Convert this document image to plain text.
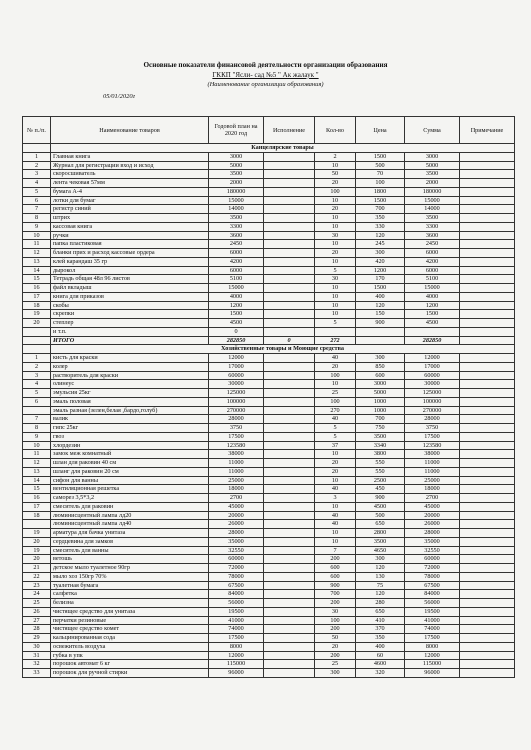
Основные показатели финансовой деятельности организации образования
ГККП "Ясли- сад №5 " Ак жалаук "
(Наименование организации образования)
05/01/2020г
№ п./п.	Наименование товаров	Годовой план на 2020 год	Исполнение	Кол-во	Цена	Сумма	Примечание
	Канцелярские товары						
1	Главная книга	3000		2	1500	3000	
2	Журнал для регистрации вход и исход	5000		10	500	5000	
3	скоросшиватель	3500		50	70	3500	
4	лента чековая 57мм	2000		20	100	2000	
5	бумага А-4	180000		100	1800	180000	
6	лотки для бумаг	15000		10	1500	15000	
7	регистр синий	14000		20	700	14000	
8	штрих	3500		10	350	3500	
9	кассовая книга	3300		10	330	3300	
10	ручки	3600		30	120	3600	
11	папка пластиковая	2450		10	245	2450	
12	бланки прих и расход кассовые ордера	6000		20	300	6000	
13	клей карандаш 35 гр	4200		10	420	4200	
14	дырокол	6000		5	1200	6000	
15	Тетрадь общая 48л 96 листов	5100		30	170	5100	
16	файл вкладыш	15000		10	1500	15000	
17	книга для приказов	4000		10	400	4000	
18	скобы	1200		10	120	1200	
19	скрепки	1500		10	150	1500	
20	степлер	4500		5	900	4500	
	и т.п.	0					
	ИТОГО	282850	0	272		282850	
	Хозяйственные товары и Моющие средства						
1	кисть для краски	12000		40	300	12000	
2	колер	17000		20	850	17000	
3	растворитель для краски	60000		100	600	60000	
4	олинеус	30000		10	3000	30000	
5	эмульсия 25кг	125000		25	5000	125000	
6	эмаль половая	100000		100	1000	100000	
	эмаль разная (зелен,белая ,бардо,голуб)	270000		270	1000	270000	
7	валик	28000		40	700	28000	
8	гипс 25кг	3750		5	750	3750	
9	гвоз	17500		5	3500	17500	
10	хлордезин	123580		37	3340	123580	
11	замок меж комнатный	38000		10	3800	38000	
12	шлан для раковин 40 см	11000		20	550	11000	
13	шланг для раковин 20 см	11000		20	550	11000	
14	сифон для ванны	25000		10	2500	25000	
15	вентиляционная решетка	18000		40	450	18000	
16	саморез 3,5*3,2	2700		3	900	2700	
17	смеситель для раковин	45000		10	4500	45000	
18	люминисцентный лампа лд20	20000		40	500	20000	
	люминисцентный лампа лд40	26000		40	650	26000	
19	арматура для бачка унитаза	28000		10	2800	28000	
20	сердцевина для замков	35000		10	3500	35000	
19	смеситель для ванны	32550		7	4650	32550	
20	ветошь	60000		200	300	60000	
21	детское мыло туалетное 90гр	72000		600	120	72000	
22	мыло хоз 150гр 70%	78000		600	130	78000	
23	туалетная бумага	67500		900	75	67500	
24	салфетка	84000		700	120	84000	
25	белизна	56000		200	280	56000	
26	чистящее средство для унитаза	19500		30	650	19500	
27	перчатки резиновые	41000		100	410	41000	
28	чистящее средство комет	74000		200	370	74000	
29	кальцинированная сода	17500		50	350	17500	
30	освежитель воздуха	8000		20	400	8000	
31	губка в упк	12000		200	60	12000	
32	порошок автомат 6 кг	115000		25	4600	115000	
33	порошок для ручной стирки	96000		300	320	96000	
